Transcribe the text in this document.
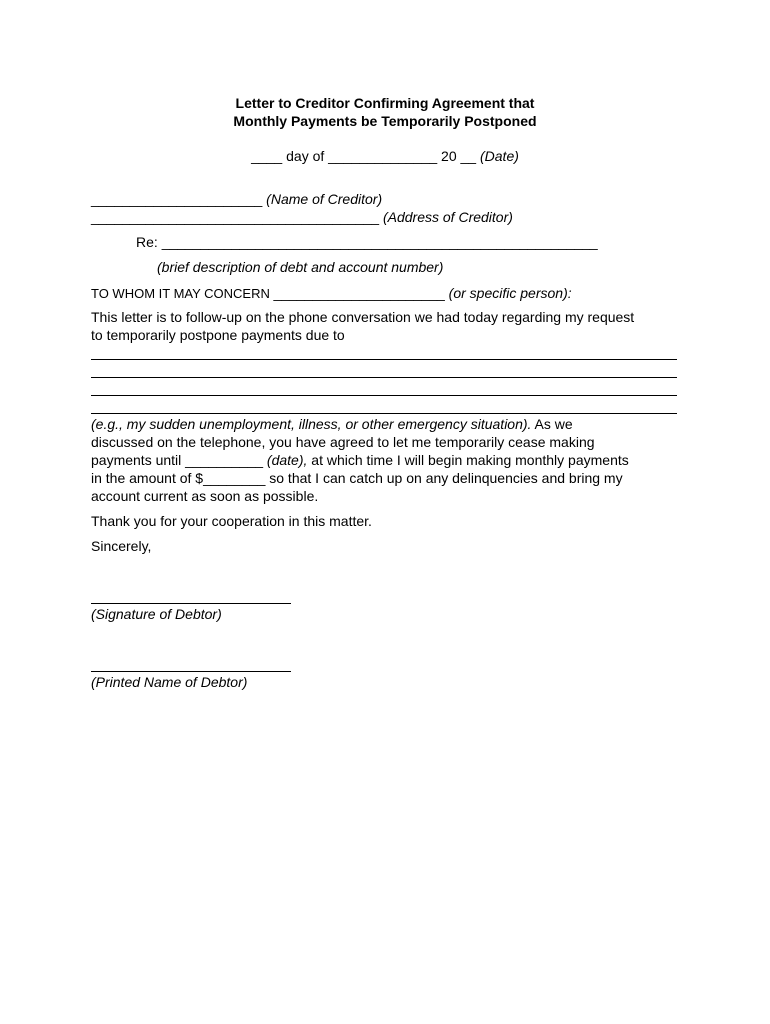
Letter to Creditor Confirming Agreement that
Monthly Payments be Temporarily Postponed
____ day of ______________ 20 __ (Date)
______________________ (Name of Creditor)
_____________________________________ (Address of Creditor)
Re: ________________________________________________________
(brief description of debt and account number)
TO WHOM IT MAY CONCERN ______________________ (or specific person):
This letter is to follow-up on the phone conversation we had today regarding my request
to temporarily postpone payments due to
(e.g., my sudden unemployment, illness, or other emergency situation). As we
discussed on the telephone, you have agreed to let me temporarily cease making
payments until __________ (date), at which time I will begin making monthly payments
in the amount of $________ so that I can catch up on any delinquencies and bring my
account current as soon as possible.
Thank you for your cooperation in this matter.
Sincerely,
(Signature of Debtor)
(Printed Name of Debtor)
